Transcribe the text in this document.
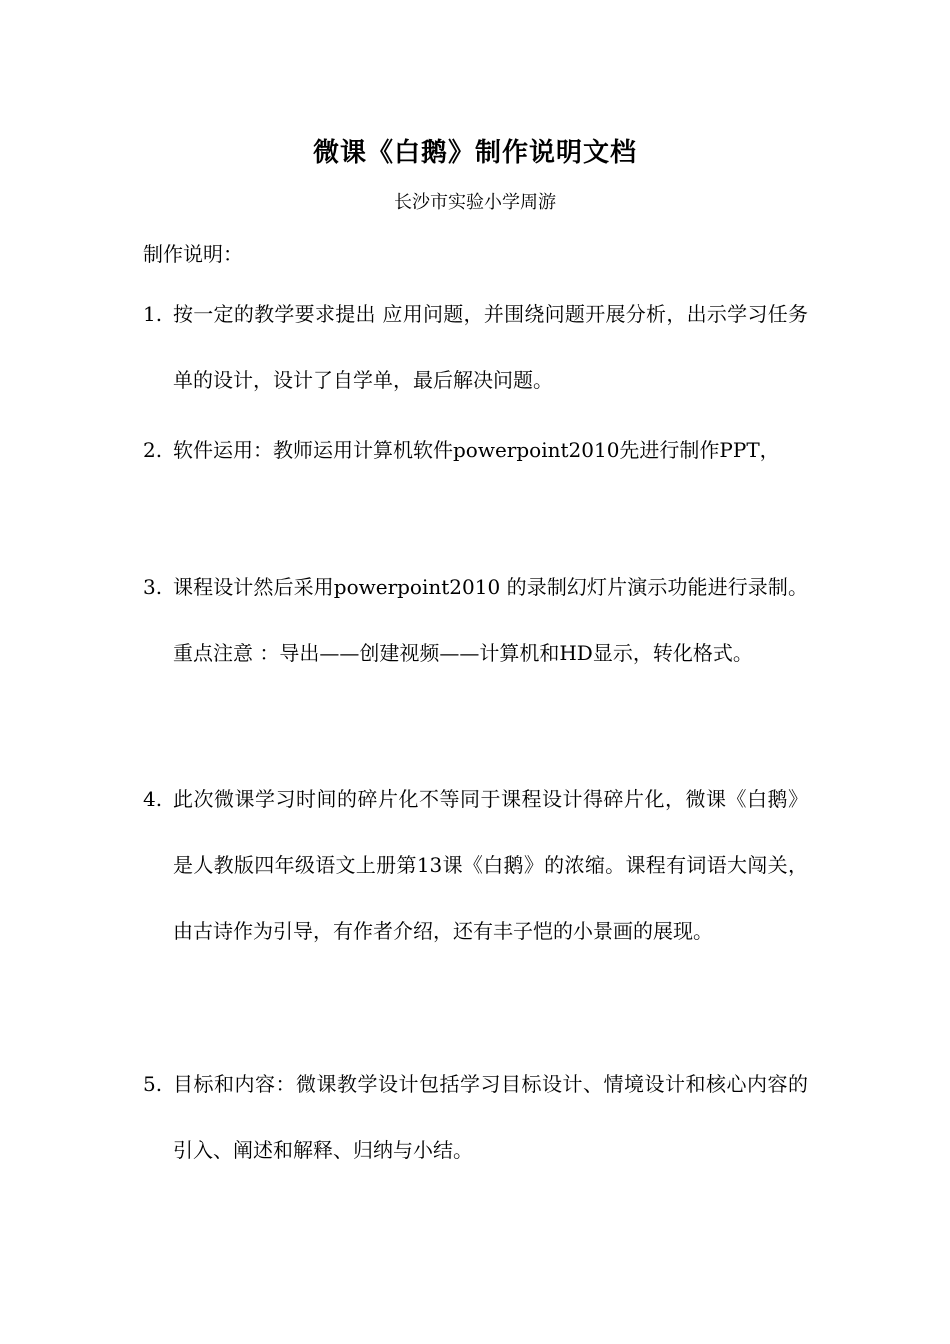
微课《白鹅》制作说明文档
长沙市实验小学周游
制作说明：
1. 按一定的教学要求提出 应用问题，并围绕问题开展分析，出示学习任务单的设计，设计了自学单，最后解决问题。
2. 软件运用：教师运用计算机软件powerpoint2010先进行制作PPT，
3. 课程设计然后采用powerpoint2010 的录制幻灯片演示功能进行录制。重点注意 ：导出——创建视频——计算机和HD显示，转化格式。
4. 此次微课学习时间的碎片化不等同于课程设计得碎片化，微课《白鹅》是人教版四年级语文上册第13课《白鹅》的浓缩。课程有词语大闯关，由古诗作为引导，有作者介绍，还有丰子恺的小景画的展现。
5. 目标和内容：微课教学设计包括学习目标设计、情境设计和核心内容的引入、阐述和解释、归纳与小结。
